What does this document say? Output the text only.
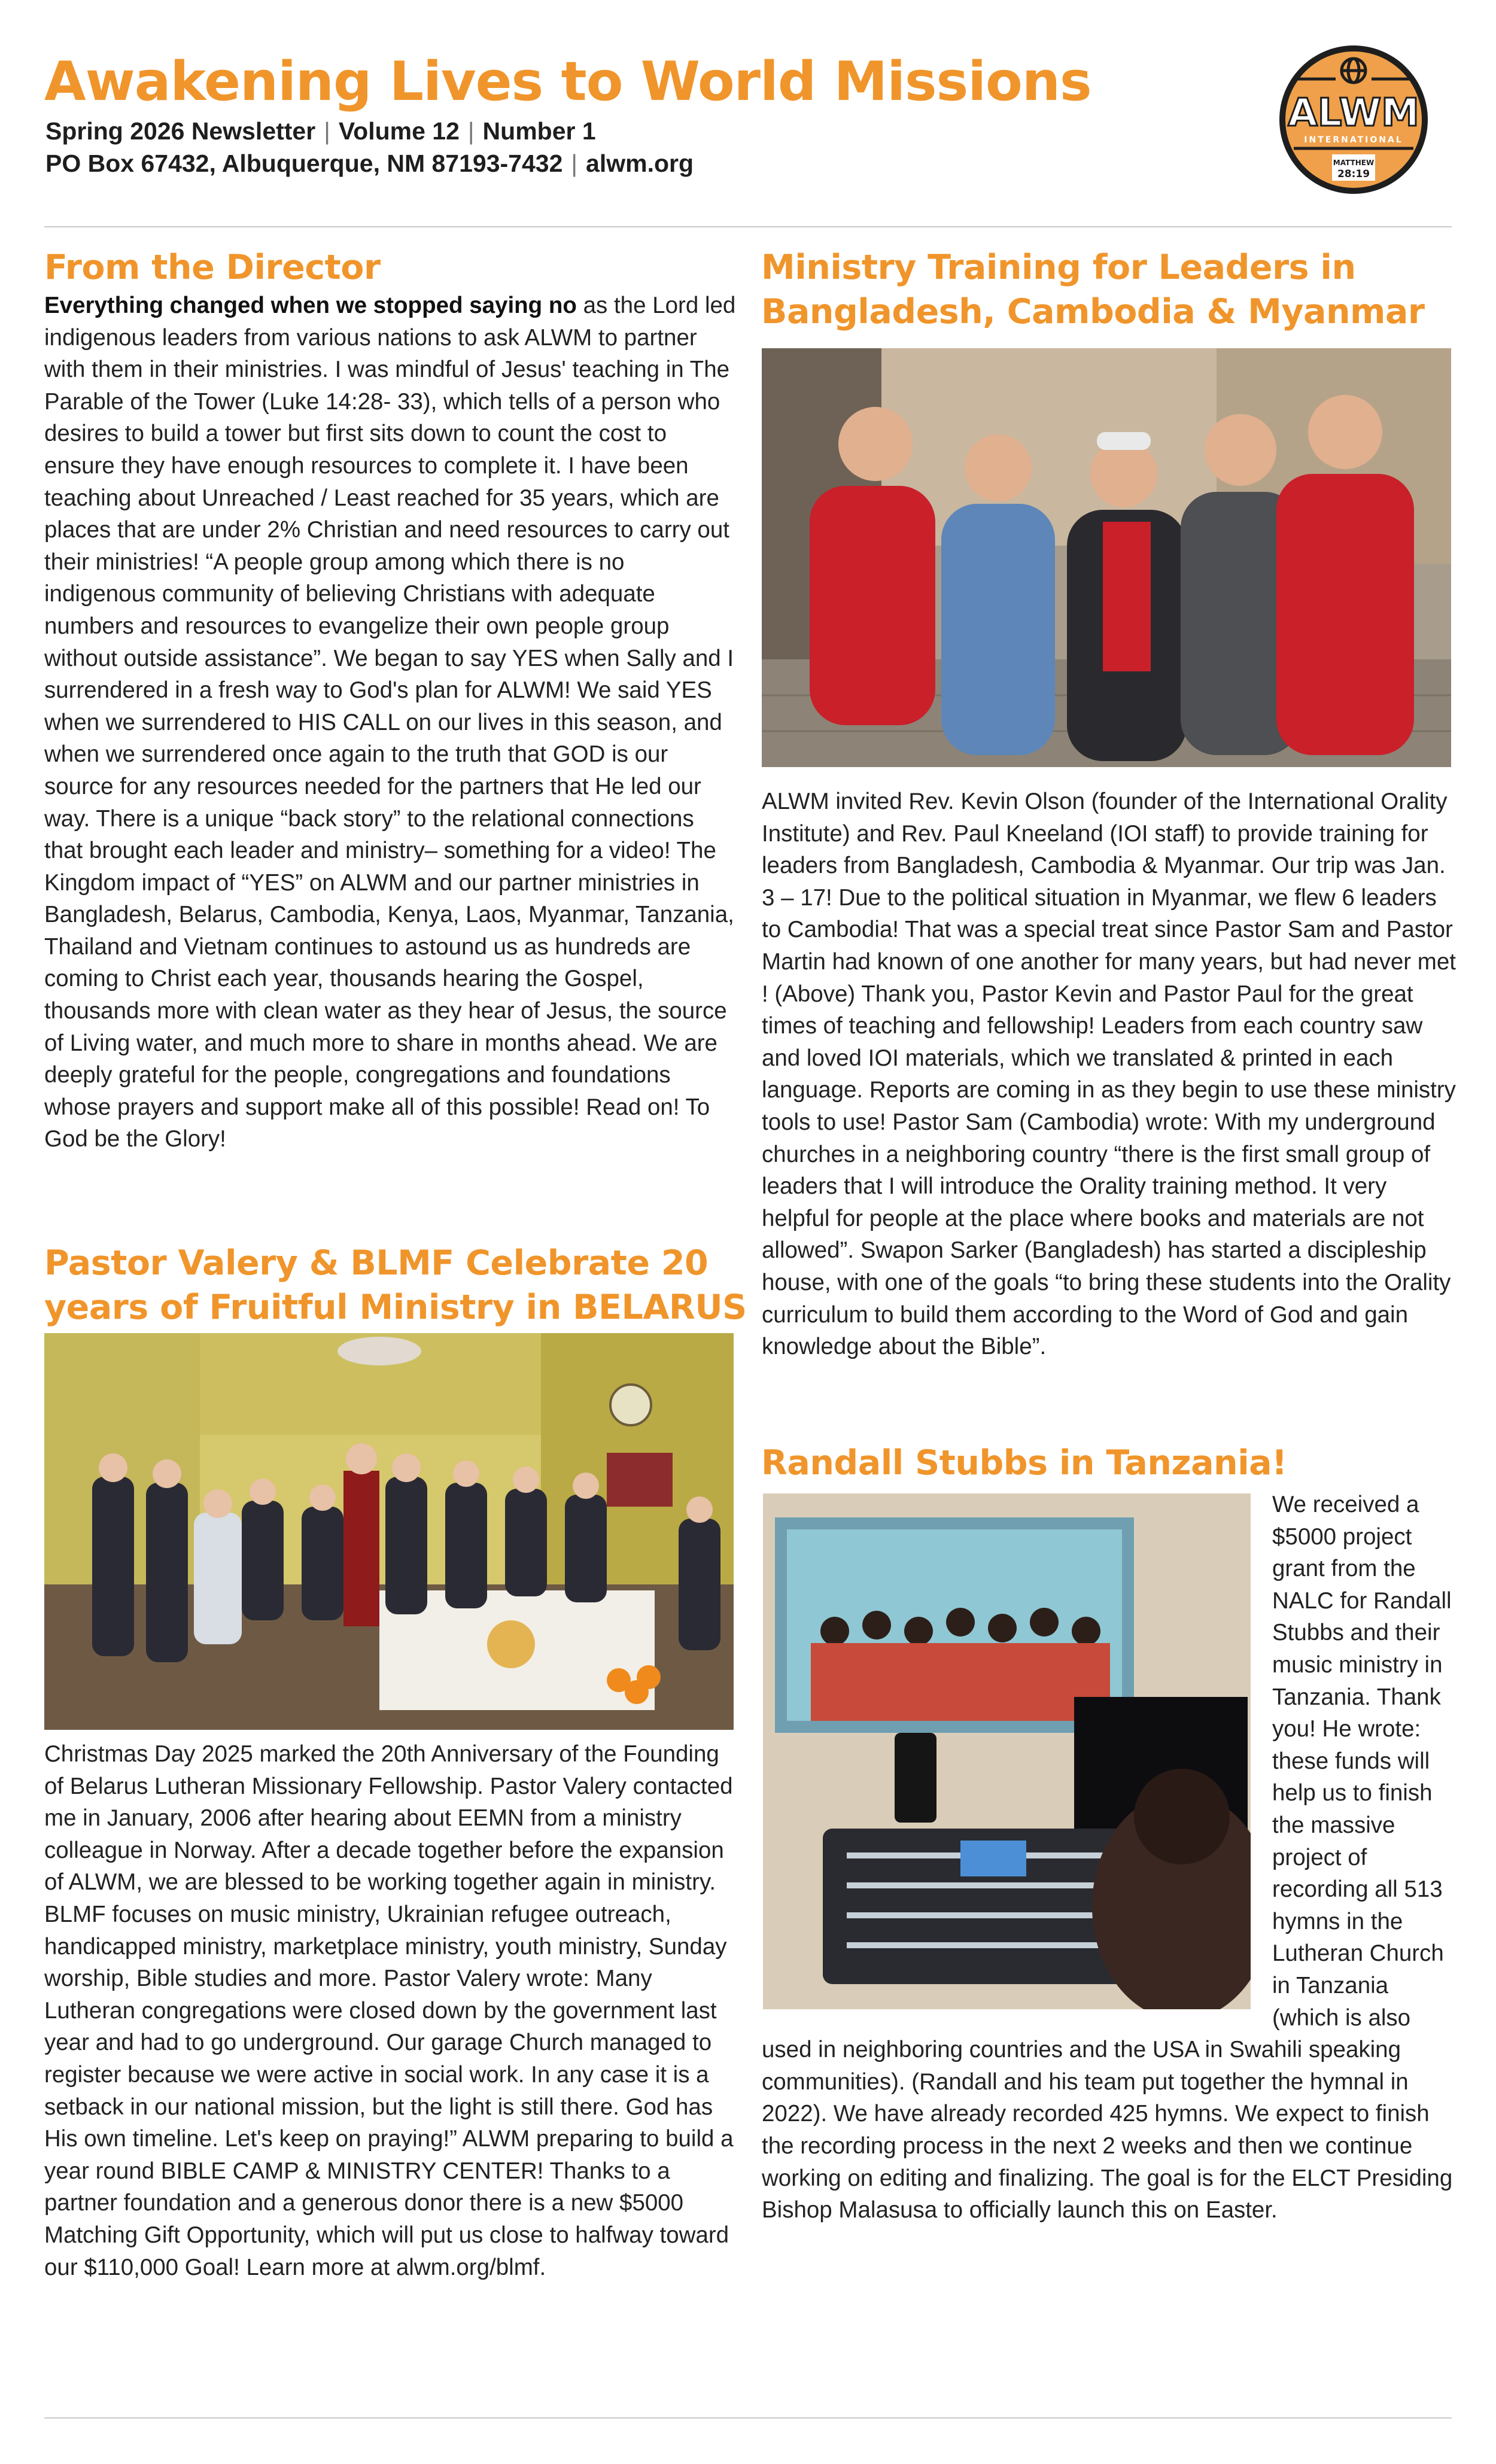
Awakening Lives to World Missions
Spring 2026 Newsletter | Volume 12 | Number 1
PO Box 67432, Albuquerque, NM 87193-7432 | alwm.org
ALWM
INTERNATIONAL
MATTHEW
28:19
From the Director

Everything changed when we stopped saying no as the Lord led indigenous leaders from various nations to ask ALWM to partner with them in their ministries. I was mindful of Jesus' teaching in The Parable of the Tower (Luke 14:28- 33), which tells of a person who desires to build a tower but first sits down to count the cost to ensure they have enough resources to complete it. I have been teaching about Unreached / Least reached for 35 years, which are places that are under 2% Christian and need resources to carry out their ministries! “A people group among which there is no indigenous community of believing Christians with adequate numbers and resources to evangelize their own people group without outside assistance”. We began to say YES when Sally and I surrendered in a fresh way to God's plan for ALWM! We said YES when we surrendered to HIS CALL on our lives in this season, and when we surrendered once again to the truth that GOD is our source for any resources needed for the partners that He led our way. There is a unique “back story” to the relational connections that brought each leader and ministry– something for a video! The Kingdom impact of “YES” on ALWM and our partner ministries in Bangladesh, Belarus, Cambodia, Kenya, Laos, Myanmar, Tanzania, Thailand and Vietnam continues to astound us as hundreds are coming to Christ each year, thousands hearing the Gospel, thousands more with clean water as they hear of Jesus, the source of Living water, and much more to share in months ahead. We are deeply grateful for the people, congregations and foundations whose prayers and support make all of this possible! Read on! To God be the Glory!

Pastor Valery & BLMF Celebrate 20 years of Fruitful Ministry in BELARUS

Christmas Day 2025 marked the 20th Anniversary of the Founding of Belarus Lutheran Missionary Fellowship. Pastor Valery contacted me in January, 2006 after hearing about EEMN from a ministry colleague in Norway. After a decade together before the expansion of ALWM, we are blessed to be working together again in ministry. BLMF focuses on music ministry, Ukrainian refugee outreach, handicapped ministry, marketplace ministry, youth ministry, Sunday worship, Bible studies and more. Pastor Valery wrote: Many Lutheran congregations were closed down by the government last year and had to go underground. Our garage Church managed to register because we were active in social work. In any case it is a setback in our national mission, but the light is still there. God has His own timeline. Let's keep on praying!” ALWM preparing to build a year round BIBLE CAMP & MINISTRY CENTER! Thanks to a partner foundation and a generous donor there is a new $5000 Matching Gift Opportunity, which will put us close to halfway toward our $110,000 Goal! Learn more at alwm.org/blmf.

Ministry Training for Leaders in Bangladesh, Cambodia & Myanmar

ALWM invited Rev. Kevin Olson (founder of the International Orality Institute) and Rev. Paul Kneeland (IOI staff) to provide training for leaders from Bangladesh, Cambodia & Myanmar. Our trip was Jan. 3 – 17! Due to the political situation in Myanmar, we flew 6 leaders to Cambodia! That was a special treat since Pastor Sam and Pastor Martin had known of one another for many years, but had never met ! (Above) Thank you, Pastor Kevin and Pastor Paul for the great times of teaching and fellowship! Leaders from each country saw and loved IOI materials, which we translated & printed in each language. Reports are coming in as they begin to use these ministry tools to use! Pastor Sam (Cambodia) wrote: With my underground churches in a neighboring country “there is the first small group of leaders that I will introduce the Orality training method. It very helpful for people at the place where books and materials are not allowed”. Swapon Sarker (Bangladesh) has started a discipleship house, with one of the goals “to bring these students into the Orality curriculum to build them according to the Word of God and gain knowledge about the Bible”.

Randall Stubbs in Tanzania!

We received a $5000 project grant from the NALC for Randall Stubbs and their music ministry in Tanzania. Thank you! He wrote: these funds will help us to finish the massive project of recording all 513 hymns in the Lutheran Church in Tanzania (which is also

used in neighboring countries and the USA in Swahili speaking communities). (Randall and his team put together the hymnal in 2022). We have already recorded 425 hymns. We expect to finish the recording process in the next 2 weeks and then we continue working on editing and finalizing. The goal is for the ELCT Presiding Bishop Malasusa to officially launch this on Easter.
